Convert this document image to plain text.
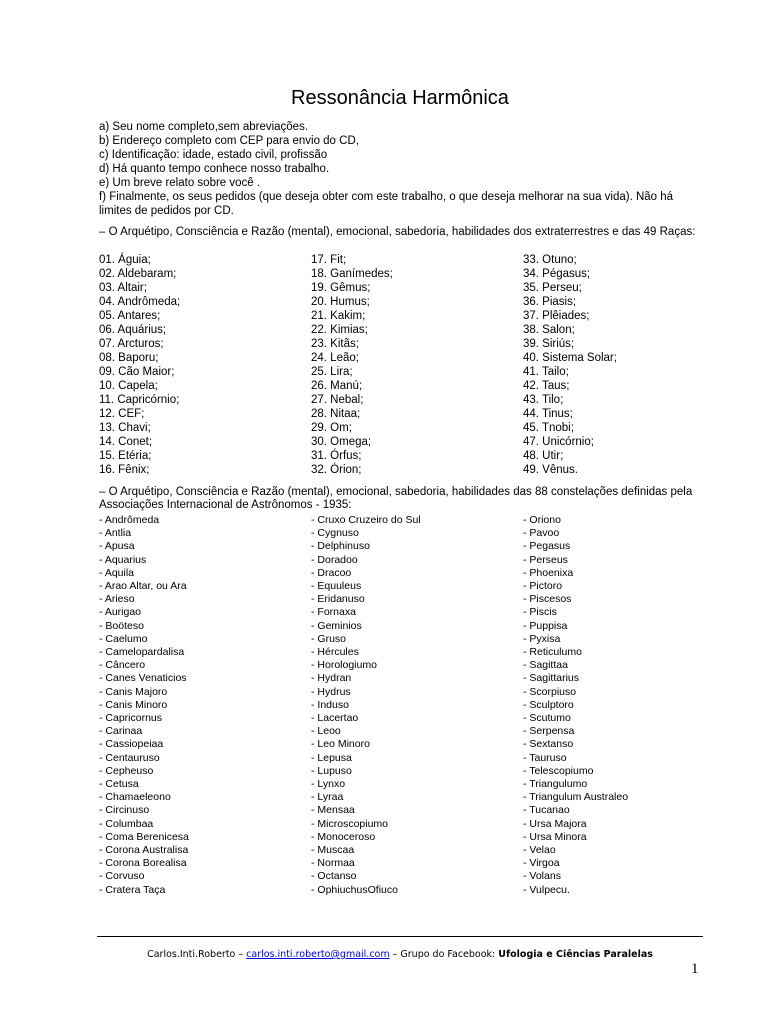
Ressonância Harmônica
a) Seu nome completo,sem abreviações.
b) Endereço completo com CEP para envio do CD,
c) Identificação: idade, estado civil, profissão
d) Há quanto tempo conhece nosso trabalho.
e) Um breve relato sobre você .
f) Finalmente, os seus pedidos (que deseja obter com este trabalho, o que deseja melhorar na sua vida). Não há limites de pedidos por CD.
– O Arquétipo, Consciência e Razão (mental), emocional, sabedoria, habilidades dos extraterrestres e das 49 Raças:
01. Águia;
02. Aldebaram;
03. Altair;
04. Andrômeda;
05. Antares;
06. Aquárius;
07. Arcturos;
08. Baporu;
09. Cão Maior;
10. Capela;
11. Capricórnio;
12. CEF;
13. Chavi;
14. Conet;
15. Etéria;
16. Fênix;
17. Fit;
18. Ganímedes;
19. Gêmus;
20. Humus;
21. Kakim;
22. Kimias;
23. Kitãs;
24. Leão;
25. Lira;
26. Manú;
27. Nebal;
28. Nitaa;
29. Om;
30. Omega;
31. Órfus;
32. Órion;
33. Otuno;
34. Pégasus;
35. Perseu;
36. Piasis;
37. Plêiades;
38. Salon;
39. Siriús;
40. Sistema Solar;
41. Tailo;
42. Taus;
43. Tilo;
44. Tinus;
45. Tnobi;
47. Unicórnio;
48. Utir;
49. Vênus.
– O Arquétipo, Consciência e Razão (mental), emocional, sabedoria, habilidades das 88 constelações definidas pela Associações Internacional de Astrônomos - 1935:
- Andrômeda
- Antlia
- Apusa
- Aquarius
- Aquila
- Arao Altar, ou Ara
- Arieso
- Aurigao
- Boöteso
- Caelumo
- Camelopardalisa
- Câncero
- Canes Venaticios
- Canis Majoro
- Canis Minoro
- Capricornus
- Carinaa
- Cassiopeiaa
- Centauruso
- Cepheuso
- Cetusa
- Chamaeleono
- Circinuso
- Columbaa
- Coma Berenicesa
- Corona Australisa
- Corona Borealisa
- Corvuso
- Cratera Taça
- Cruxo Cruzeiro do Sul
- Cygnuso
- Delphinuso
- Doradoo
- Dracoo
- Equuleus
- Eridanuso
- Fornaxa
- Geminios
- Gruso
- Hércules
- Horologiumo
- Hydran
- Hydrus
- Induso
- Lacertao
- Leoo
- Leo Minoro
- Lepusa
- Lupuso
- Lynxo
- Lyraa
- Mensaa
- Microscopiumo
- Monoceroso
- Muscaa
- Normaa
- Octanso
- OphiuchusOfiuco
- Oriono
- Pavoo
- Pegasus
- Perseus
- Phoenixa
- Pictoro
- Piscesos
- Piscis
- Puppisa
- Pyxisa
- Reticulumo
- Sagittaa
- Sagittarius
- Scorpiuso
- Sculptoro
- Scutumo
- Serpensa
- Sextanso
- Tauruso
- Telescopiumo
- Triangulumo
- Triangulum Australeo
- Tucanao
- Ursa Majora
- Ursa Minora
- Velao
- Virgoa
- Volans
- Vulpecu.
Carlos.Inti.Roberto – carlos.inti.roberto@gmail.com – Grupo do Facebook: Ufologia e Ciências Paralelas
1
